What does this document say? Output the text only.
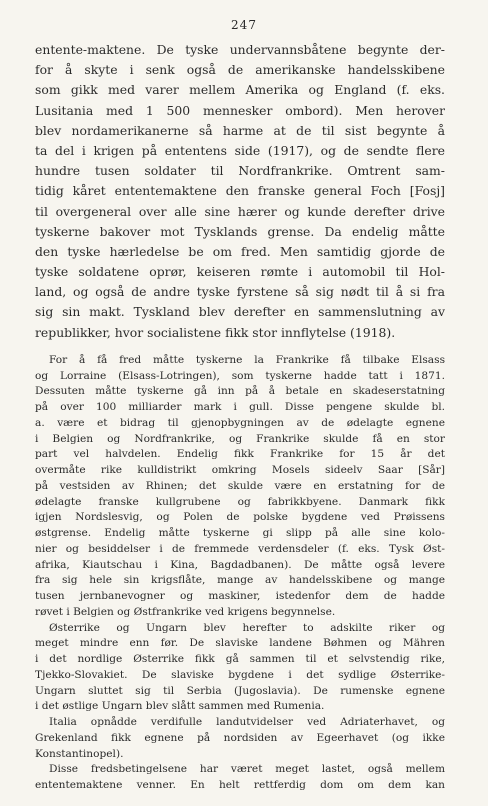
247
entente-maktene. De tyske undervannsbåtene begynte der-
for å skyte i senk også de amerikanske handelsskibene
som gikk med varer mellem Amerika og England (f. eks.
Lusitania med 1 500 mennesker ombord). Men herover
blev nordamerikanerne så harme at de til sist begynte å
ta del i krigen på ententens side (1917), og de sendte flere
hundre tusen soldater til Nordfrankrike. Omtrent sam-
tidig kåret ententemaktene den franske general Foch [Fosj]
til overgeneral over alle sine hærer og kunde derefter drive
tyskerne bakover mot Tysklands grense. Da endelig måtte
den tyske hærledelse be om fred. Men samtidig gjorde de
tyske soldatene oprør, keiseren rømte i automobil til Hol-
land, og også de andre tyske fyrstene så sig nødt til å si fra
sig sin makt. Tyskland blev derefter en sammenslutning av
republikker, hvor socialistene fikk stor innflytelse (1918).
For å få fred måtte tyskerne la Frankrike få tilbake Elsass
og Lorraine (Elsass-Lotringen), som tyskerne hadde tatt i 1871.
Dessuten måtte tyskerne gå inn på å betale en skadeserstatning
på over 100 milliarder mark i gull. Disse pengene skulde bl.
a. være et bidrag til gjenopbygningen av de ødelagte egnene
i Belgien og Nordfrankrike, og Frankrike skulde få en stor
part vel halvdelen. Endelig fikk Frankrike for 15 år det
overmåte rike kulldistrikt omkring Mosels sideelv Saar [Sår]
på vestsiden av Rhinen; det skulde være en erstatning for de
ødelagte franske kullgrubene og fabrikkbyene. Danmark fikk
igjen Nordslesvig, og Polen de polske bygdene ved Prøissens
østgrense. Endelig måtte tyskerne gi slipp på alle sine kolo-
nier og besiddelser i de fremmede verdensdeler (f. eks. Tysk Øst-
afrika, Kiautschau i Kina, Bagdadbanen). De måtte også levere
fra sig hele sin krigsflåte, mange av handelsskibene og mange
tusen jernbanevogner og maskiner, istedenfor dem de hadde
røvet i Belgien og Østfrankrike ved krigens begynnelse.
Østerrike og Ungarn blev herefter to adskilte riker og
meget mindre enn før. De slaviske landene Bøhmen og Mähren
i det nordlige Østerrike fikk gå sammen til et selvstendig rike,
Tjekko-Slovakiet. De slaviske bygdene i det sydlige Østerrike-
Ungarn sluttet sig til Serbia (Jugoslavia). De rumenske egnene
i det østlige Ungarn blev slått sammen med Rumenia.
Italia opnådde verdifulle landutvidelser ved Adriaterhavet, og
Grekenland fikk egnene på nordsiden av Egeerhavet (og ikke
Konstantinopel).
Disse fredsbetingelsene har været meget lastet, også mellem
ententemaktene venner. En helt rettferdig dom om dem kan
